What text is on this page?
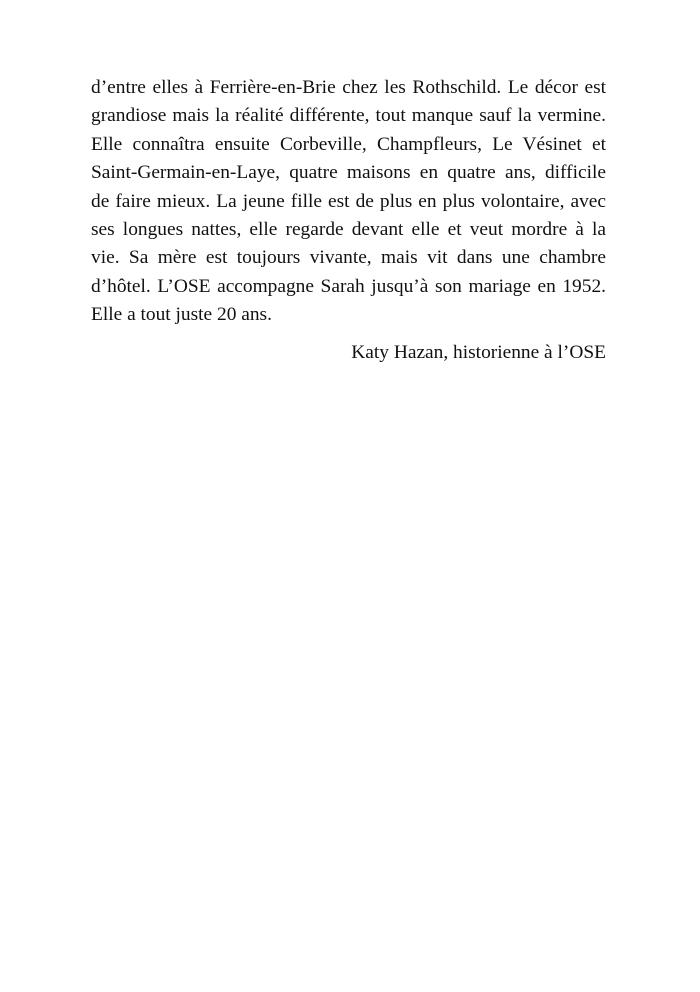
d’entre elles à Ferrière-en-Brie chez les Rothschild. Le décor est
grandiose mais la réalité différente, tout manque sauf la vermine.
Elle connaîtra ensuite Corbeville, Champfleurs, Le Vésinet et
Saint-Germain-en-Laye, quatre maisons en quatre ans, difficile
de faire mieux. La jeune fille est de plus en plus volontaire, avec
ses longues nattes, elle regarde devant elle et veut mordre à la
vie. Sa mère est toujours vivante, mais vit dans une chambre
d’hôtel. L’OSE accompagne Sarah jusqu’à son mariage en 1952.
Elle a tout juste 20 ans.
Katy Hazan, historienne à l’OSE
